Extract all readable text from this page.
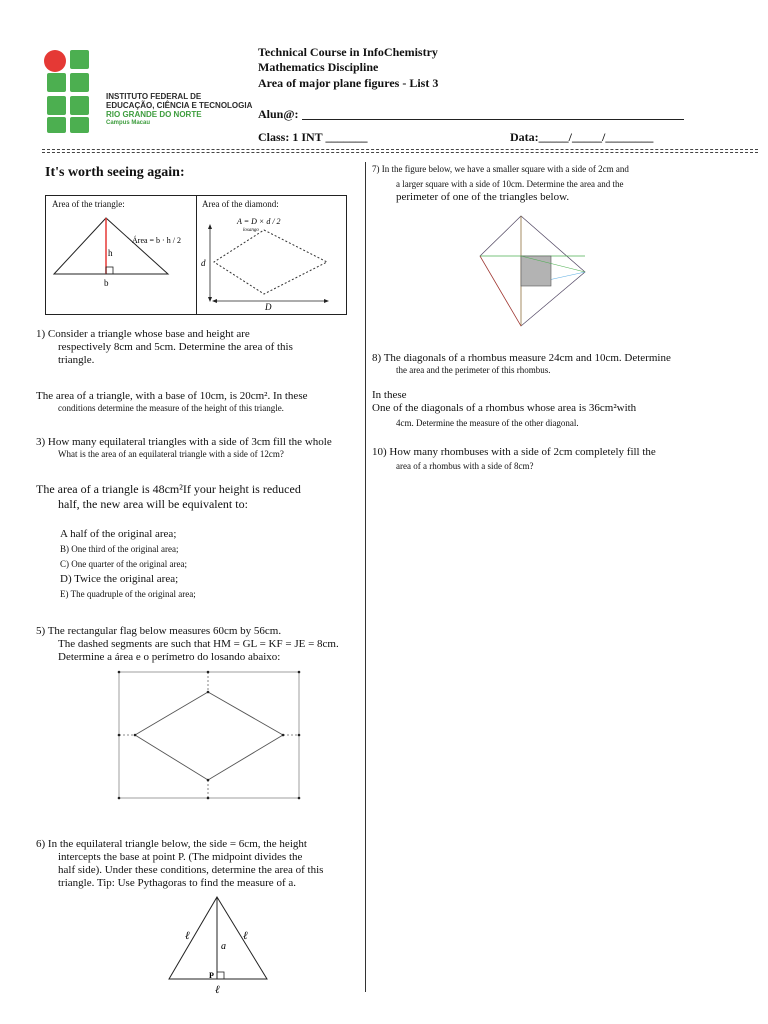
INSTITUTO FEDERAL DE
EDUCAÇÃO, CIÊNCIA E TECNOLOGIA
RIO GRANDE DO NORTE
Campus Macau
Technical Course in InfoChemistry
Mathematics Discipline
Area of major plane figures - List 3
Alun@:
Class: 1 INT _______	Data:_____/_____/________
It's worth seeing again:
Area of the triangle:	Area of the diamond:
h
b
Área = b · h / 2
d
D
A = D × d / 2
losango
1) Consider a triangle whose base and height are
respectively 8cm and 5cm. Determine the area of this
triangle.
The area of a triangle, with a base of 10cm, is 20cm². In these
conditions determine the measure of the height of this triangle.
3) How many equilateral triangles with a side of 3cm fill the whole
What is the area of an equilateral triangle with a side of 12cm?
The area of a triangle is 48cm²If your height is reduced
half, the new area will be equivalent to:
A half of the original area;
B) One third of the original area;
C) One quarter of the original area;
D) Twice the original area;
E) The quadruple of the original area;
5) The rectangular flag below measures 60cm by 56cm.
The dashed segments are such that HM = GL = KF = JE = 8cm.
Determine a área e o perímetro do losando abaixo:
6) In the equilateral triangle below, the side = 6cm, the height
intercepts the base at point P. (The midpoint divides the
half side). Under these conditions, determine the area of this
triangle. Tip: Use Pythagoras to find the measure of a.
ℓ	ℓ
a
P
ℓ
7) In the figure below, we have a smaller square with a side of 2cm and
a larger square with a side of 10cm. Determine the area and the
perimeter of one of the triangles below.
8) The diagonals of a rhombus measure 24cm and 10cm. Determine
the area and the perimeter of this rhombus.
In these
One of the diagonals of a rhombus whose area is 36cm²with
4cm. Determine the measure of the other diagonal.
10) How many rhombuses with a side of 2cm completely fill the
area of a rhombus with a side of 8cm?
